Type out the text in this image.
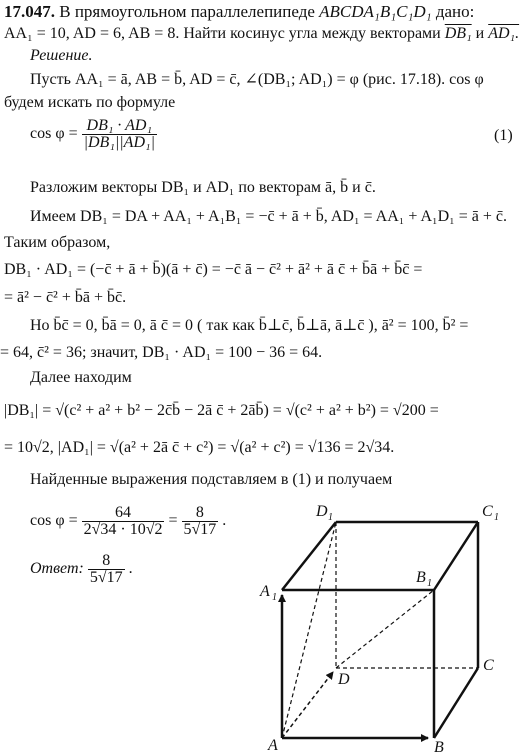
17.047. В прямоугольном параллелепипеде ABCDA₁B₁C₁D₁ дано:
AA₁ = 10, AD = 6, AB = 8. Найти косинус угла между векторами DB₁ и AD₁.
Решение.
Пусть AA₁ = ā, AB = b̄, AD = c̄, ∠(DB₁; AD₁) = φ (рис. 17.18). cos φ
будем искать по формуле
$\cos \varphi = \frac{\text{DB₁ · AD₁}}{\text{|DB₁||AD₁|}}$	(1)
Разложим векторы DB₁ и AD₁ по векторам ā, b̄ и c̄.
Имеем DB₁ = DA + AA₁ + A₁B₁ = −c̄ + ā + b̄, AD₁ = AA₁ + A₁D₁ = ā + c̄.
Таким образом,
DB₁ · AD₁ = (−c̄ + ā + b̄)(ā + c̄) = −c̄ ā − c̄² + ā² + ā c̄ + b̄ā + b̄c̄ =
= ā² − c̄² + b̄ā + b̄c̄.
Но b̄c̄ = 0, b̄ā = 0, ā c̄ = 0 ( так как b̄⊥c̄, b̄⊥ā, ā⊥c̄ ), ā² = 100, b̄² =
= 64, c̄² = 36; значит, DB₁ · AD₁ = 100 − 36 = 64.
Далее находим
|DB₁| = √(c² + a² + b² − 2c̄b̄ − 2ā c̄ + 2āb̄) = √(c² + a² + b²) = √200 =
= 10√2, |AD₁| = √(a² + 2ā c̄ + c²) = √(a² + c²) = √136 = 2√34.
Найденные выражения подставляем в (1) и получаем
$\cos \varphi = \frac{64}{2√34 \cdot 10√2} = \frac{8}{5√17}$ .
Ответ: $\frac{8}{5√17}$ .
A	B
C
D
A 1
B 1
C 1
D 1
